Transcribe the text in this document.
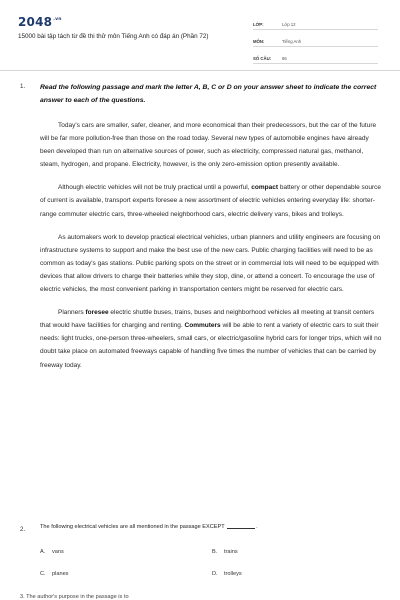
$2048^{.vn}$
15000 bài tập tách từ đề thi thử môn Tiếng Anh có đáp án (Phần 72)
LỚP:	Lớp 12
MÔN:	Tiếng Anh
SỐ CÂU:	86
1. Read the following passage and mark the letter A, B, C or D on your answer sheet to indicate the correct answer to each of the questions.

Today's cars are smaller, safer, cleaner, and more economical than their predecessors, but the car of the future will be far more pollution-free than those on the road today. Several new types of automobile engines have already been developed than run on alternative sources of power, such as electricity, compressed natural gas, methanol, steam, hydrogen, and propane. Electricity, however, is the only zero-emission option presently available.

Although electric vehicles will not be truly practical until a powerful, compact battery or other dependable source of current is available, transport experts foresee a new assortment of electric vehicles entering everyday life: shorter-range commuter electric cars, three-wheeled neighborhood cars, electric delivery vans, bikes and trolleys.

As automakers work to develop practical electrical vehicles, urban planners and utility engineers are focusing on infrastructure systems to support and make the best use of the new cars. Public charging facilities will need to be as common as today's gas stations. Public parking spots on the street or in commercial lots will need to be equipped with devices that allow drivers to charge their batteries while they stop, dine, or attend a concert. To encourage the use of electric vehicles, the most convenient parking in transportation centers might be reserved for electric cars.

Planners foresee electric shuttle buses, trains, buses and neighborhood vehicles all meeting at transit centers that would have facilities for charging and renting. Commuters will be able to rent a variety of electric cars to suit their needs: light trucks, one-person three-wheelers, small cars, or electric/gasoline hybrid cars for longer trips, which will no doubt take place on automated freeways capable of handling five times the number of vehicles that can be carried by freeway today.

2.	The following electrical vehicles are all mentioned in the passage EXCEPT	.
A. vans	B. trains
C. planes	D. trolleys
3. The author's purpose in the passage is to
